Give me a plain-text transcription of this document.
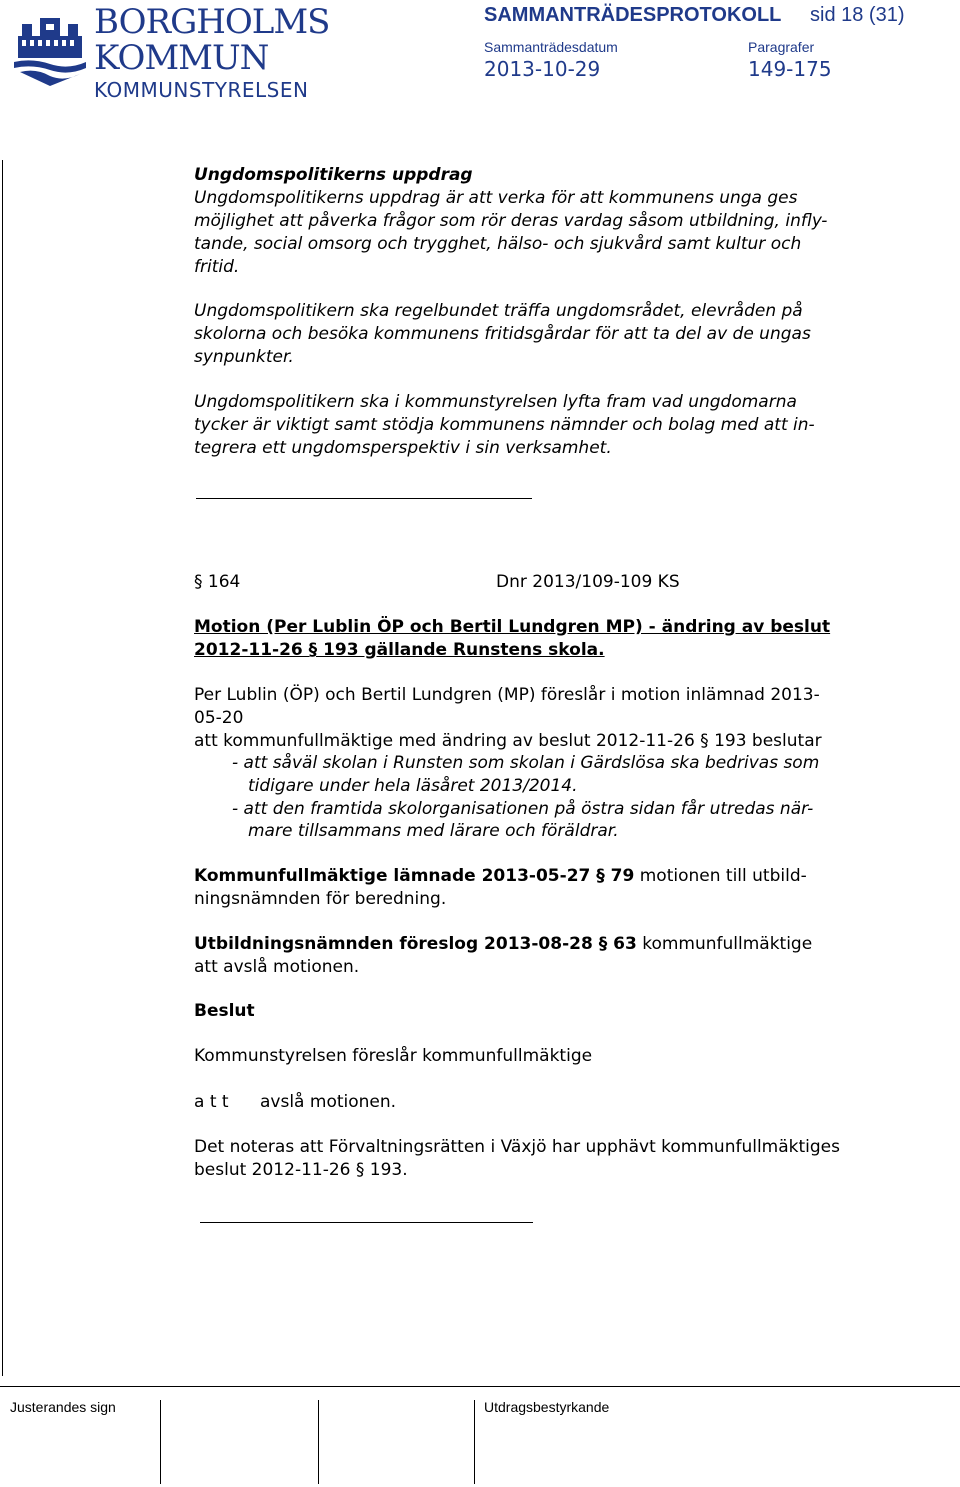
BORGHOLMS
KOMMUN
KOMMUNSTYRELSEN
SAMMANTRÄDESPROTOKOLL sid 18 (31)
Sammanträdesdatum
2013-10-29
Paragrafer
149-175
Ungdomspolitikerns uppdrag
Ungdomspolitikerns uppdrag är att verka för att kommunens unga ges
möjlighet att påverka frågor som rör deras vardag såsom utbildning, infly-
tande, social omsorg och trygghet, hälso- och sjukvård samt kultur och
fritid.
Ungdomspolitikern ska regelbundet träffa ungdomsrådet, elevråden på
skolorna och besöka kommunens fritidsgårdar för att ta del av de ungas
synpunkter.
Ungdomspolitikern ska i kommunstyrelsen lyfta fram vad ungdomarna
tycker är viktigt samt stödja kommunens nämnder och bolag med att in-
tegrera ett ungdomsperspektiv i sin verksamhet.
§ 164	Dnr 2013/109-109 KS
Motion (Per Lublin ÖP och Bertil Lundgren MP) - ändring av beslut
2012-11-26 § 193 gällande Runstens skola.
Per Lublin (ÖP) och Bertil Lundgren (MP) föreslår i motion inlämnad 2013-
05-20
att kommunfullmäktige med ändring av beslut 2012-11-26 § 193 beslutar
- att såväl skolan i Runsten som skolan i Gärdslösa ska bedrivas som
tidigare under hela läsåret 2013/2014.
- att den framtida skolorganisationen på östra sidan får utredas när-
mare tillsammans med lärare och föräldrar.
Kommunfullmäktige lämnade 2013-05-27 § 79 motionen till utbild-
ningsnämnden för beredning.
Utbildningsnämnden föreslog 2013-08-28 § 63 kommunfullmäktige
att avslå motionen.
Beslut
Kommunstyrelsen föreslår kommunfullmäktige
a t t avslå motionen.
Det noteras att Förvaltningsrätten i Växjö har upphävt kommunfullmäktiges
beslut 2012-11-26 § 193.
Justerandes sign	Utdragsbestyrkande
